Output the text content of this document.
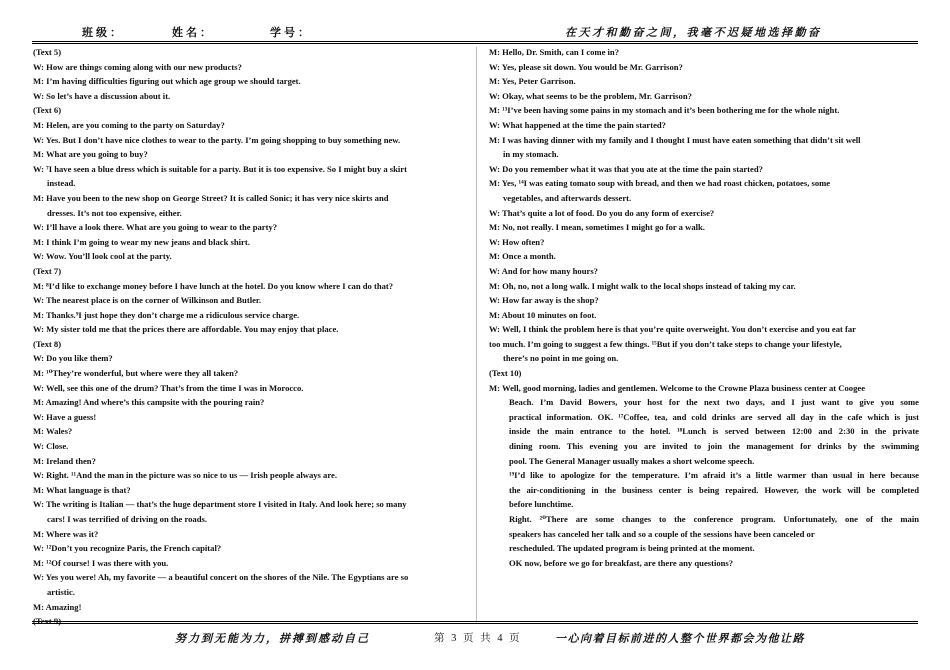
班级：	姓名：	学号：	在天才和勤奋之间，我毫不迟疑地选择勤奋
(Text 5)
W: How are things coming along with our new products?
M: I’m having difficulties figuring out which age group we should target.
W: So let’s have a discussion about it.
(Text 6)
M: Helen, are you coming to the party on Saturday?
W: Yes. But I don’t have nice clothes to wear to the party. I’m going shopping to buy something new.
M: What are you going to buy?
W: ⁷I have seen a blue dress which is suitable for a party. But it is too expensive. So I might buy a skirt
instead.
M: Have you been to the new shop on George Street? It is called Sonic; it has very nice skirts and
dresses. It’s not too expensive, either.
W: I’ll have a look there. What are you going to wear to the party?
M: I think I’m going to wear my new jeans and black shirt.
W: Wow. You’ll look cool at the party.
(Text 7)
M: ⁸I’d like to exchange money before I have lunch at the hotel. Do you know where I can do that?
W: The nearest place is on the corner of Wilkinson and Butler.
M: Thanks.⁹I just hope they don’t charge me a ridiculous service charge.
W: My sister told me that the prices there are affordable. You may enjoy that place.
(Text 8)
W: Do you like them?
M: ¹⁰They’re wonderful, but where were they all taken?
W: Well, see this one of the drum? That’s from the time I was in Morocco.
M: Amazing! And where’s this campsite with the pouring rain?
W: Have a guess!
M: Wales?
W: Close.
M: Ireland then?
W: Right. ¹¹And the man in the picture was so nice to us — Irish people always are.
M: What language is that?
W: The writing is Italian — that’s the huge department store I visited in Italy. And look here; so many
cars! I was terrified of driving on the roads.
M: Where was it?
W: ¹²Don’t you recognize Paris, the French capital?
M: ¹²Of course! I was there with you.
W: Yes you were! Ah, my favorite — a beautiful concert on the shores of the Nile. The Egyptians are so
artistic.
M: Amazing!
M: Hello, Dr. Smith, can I come in?
W: Yes, please sit down. You would be Mr. Garrison?
M: Yes, Peter Garrison.
W: Okay, what seems to be the problem, Mr. Garrison?
M: ¹³I’ve been having some pains in my stomach and it’s been bothering me for the whole night.
W: What happened at the time the pain started?
M: I was having dinner with my family and I thought I must have eaten something that didn’t sit well
in my stomach.
W: Do you remember what it was that you ate at the time the pain started?
M: Yes, ¹⁴I was eating tomato soup with bread, and then we had roast chicken, potatoes, some
vegetables, and afterwards dessert.
W: That’s quite a lot of food. Do you do any form of exercise?
M: No, not really. I mean, sometimes I might go for a walk.
W: How often?
M: Once a month.
W: And for how many hours?
M: Oh, no, not a long walk. I might walk to the local shops instead of taking my car.
W: How far away is the shop?
M: About 10 minutes on foot.
W: Well, I think the problem here is that you’re quite overweight. You don’t exercise and you eat far
too much. I’m going to suggest a few things. ¹⁵But if you don’t take steps to change your lifestyle,
there’s no point in me going on.
(Text 10)
M: Well, good morning, ladies and gentlemen. Welcome to the Crowne Plaza business center at Coogee
Beach. I’m David Bowers, your host for the next two days, and I just want to give you some
practical information. OK. ¹⁷Coffee, tea, and cold drinks are served all day in the cafe which is just
inside the main entrance to the hotel. ¹⁸Lunch is served between 12:00 and 2:30 in the private
dining room. This evening you are invited to join the management for drinks by the swimming
pool. The General Manager usually makes a short welcome speech.
¹⁹I’d like to apologize for the temperature. I’m afraid it’s a little warmer than usual in here because
the air-conditioning in the business center is being repaired. However, the work will be completed
before lunchtime.
Right. ²⁰There are some changes to the conference program. Unfortunately, one of the main
speakers has canceled her talk and so a couple of the sessions have been canceled or
rescheduled. The updated program is being printed at the moment.
OK now, before we go for breakfast, are there any questions?
努力到无能为力，拼搏到感动自己	第 3 页 共 4 页	一心向着目标前进的人整个世界都会为他让路
